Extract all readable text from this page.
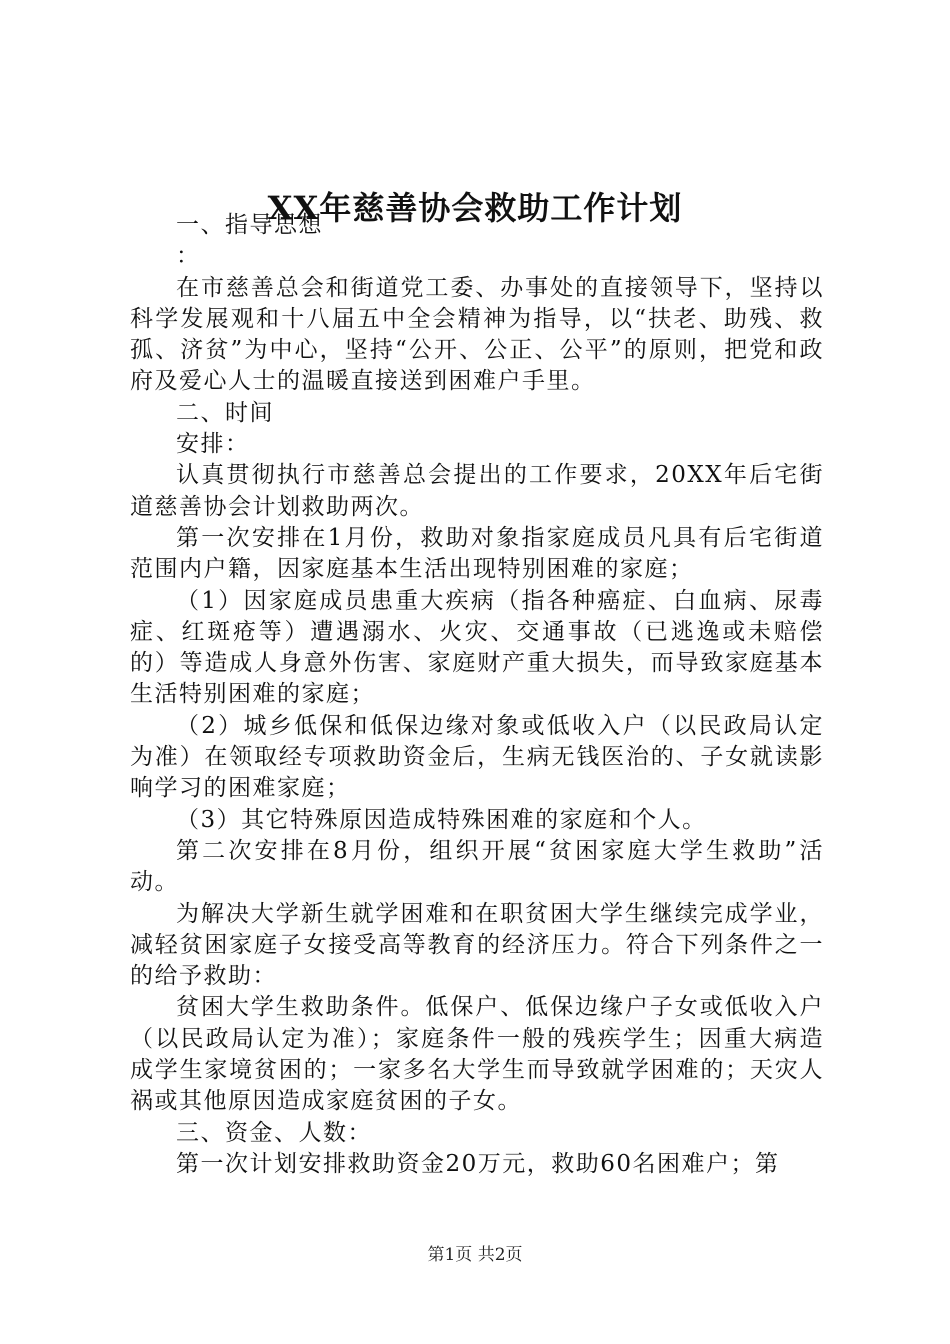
XX年慈善协会救助工作计划

一、指导思想

：

在市慈善总会和街道党工委、办事处的直接领导下，坚持以科学发展观和十八届五中全会精神为指导，以“扶老、助残、救孤、济贫”为中心，坚持“公开、公正、公平”的原则，把党和政府及爱心人士的温暖直接送到困难户手里。

二、时间

安排：

认真贯彻执行市慈善总会提出的工作要求，20XX年后宅街道慈善协会计划救助两次。

第一次安排在1月份，救助对象指家庭成员凡具有后宅街道范围内户籍，因家庭基本生活出现特别困难的家庭；

（1）因家庭成员患重大疾病（指各种癌症、白血病、尿毒症、红斑疮等）遭遇溺水、火灾、交通事故（已逃逸或未赔偿的）等造成人身意外伤害、家庭财产重大损失，而导致家庭基本生活特别困难的家庭；

（2）城乡低保和低保边缘对象或低收入户（以民政局认定为准）在领取经专项救助资金后，生病无钱医治的、子女就读影响学习的困难家庭；

（3）其它特殊原因造成特殊困难的家庭和个人。

第二次安排在8月份，组织开展“贫困家庭大学生救助”活动。

为解决大学新生就学困难和在职贫困大学生继续完成学业，减轻贫困家庭子女接受高等教育的经济压力。符合下列条件之一的给予救助：

贫困大学生救助条件。低保户、低保边缘户子女或低收入户（以民政局认定为准）；家庭条件一般的残疾学生；因重大病造成学生家境贫困的；一家多名大学生而导致就学困难的；天灾人祸或其他原因造成家庭贫困的子女。

三、资金、人数：

第一次计划安排救助资金20万元，救助60名困难户；第

第1页 共2页
